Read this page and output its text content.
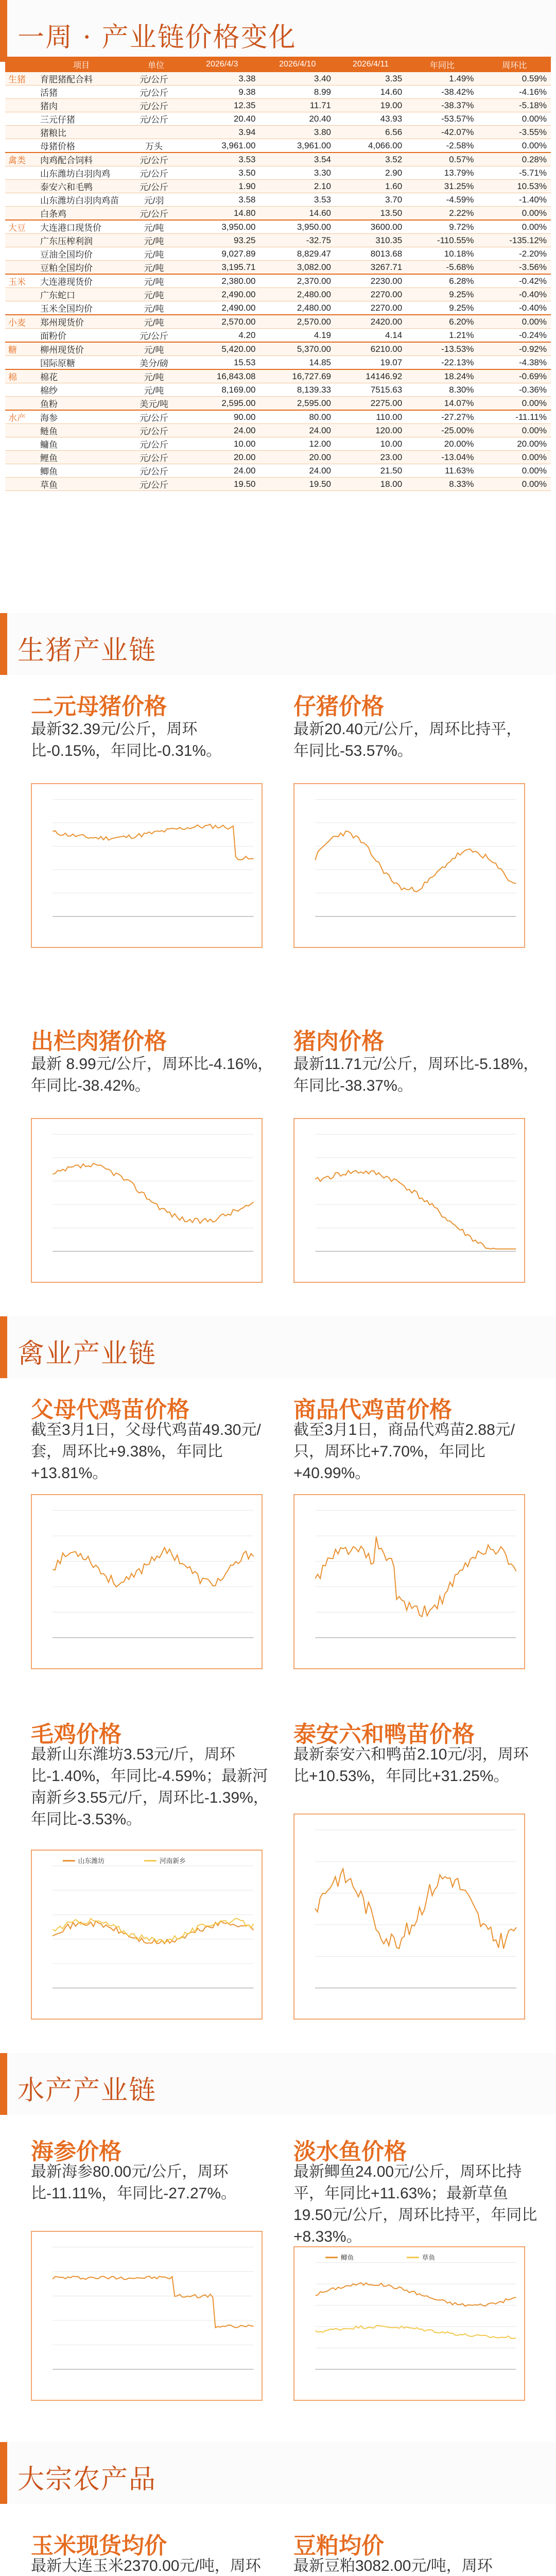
一周 · 产业链价格变化
	项目	单位	2026/4/3	2026/4/10	2026/4/11	年同比	周环比
生猪	育肥猪配合料	元/公斤	3.38	3.40	3.35	1.49%	0.59%
	活猪	元/公斤	9.38	8.99	14.60	-38.42%	-4.16%
	猪肉	元/公斤	12.35	11.71	19.00	-38.37%	-5.18%
	三元仔猪	元/公斤	20.40	20.40	43.93	-53.57%	0.00%
	猪粮比		3.94	3.80	6.56	-42.07%	-3.55%
	母猪价格	万头	3,961.00	3,961.00	4,066.00	-2.58%	0.00%
禽类	肉鸡配合饲料	元/公斤	3.53	3.54	3.52	0.57%	0.28%
	山东潍坊白羽肉鸡	元/公斤	3.50	3.30	2.90	13.79%	-5.71%
	泰安六和毛鸭	元/公斤	1.90	2.10	1.60	31.25%	10.53%
	山东潍坊白羽肉鸡苗	元/羽	3.58	3.53	3.70	-4.59%	-1.40%
	白条鸡	元/公斤	14.80	14.60	13.50	2.22%	0.00%
大豆	大连港口现货价	元/吨	3,950.00	3,950.00	3600.00	9.72%	0.00%
	广东压榨利润	元/吨	93.25	-32.75	310.35	-110.55%	-135.12%
	豆油全国均价	元/吨	9,027.89	8,829.47	8013.68	10.18%	-2.20%
	豆粕全国均价	元/吨	3,195.71	3,082.00	3267.71	-5.68%	-3.56%
玉米	大连港现货价	元/吨	2,380.00	2,370.00	2230.00	6.28%	-0.42%
	广东蛇口	元/吨	2,490.00	2,480.00	2270.00	9.25%	-0.40%
	玉米全国均价	元/吨	2,490.00	2,480.00	2270.00	9.25%	-0.40%
小麦	郑州现货价	元/吨	2,570.00	2,570.00	2420.00	6.20%	0.00%
	面粉价	元/公斤	4.20	4.19	4.14	1.21%	-0.24%
糖	柳州现货价	元/吨	5,420.00	5,370.00	6210.00	-13.53%	-0.92%
	国际原糖	美分/磅	15.53	14.85	19.07	-22.13%	-4.38%
棉	棉花	元/吨	16,843.08	16,727.69	14146.92	18.24%	-0.69%
	棉纱	元/吨	8,169.00	8,139.33	7515.63	8.30%	-0.36%
	鱼粉	美元/吨	2,595.00	2,595.00	2275.00	14.07%	0.00%
水产	海参	元/公斤	90.00	80.00	110.00	-27.27%	-11.11%
	鲢鱼	元/公斤	24.00	24.00	120.00	-25.00%	0.00%
	鳙鱼	元/公斤	10.00	12.00	10.00	20.00%	20.00%
	鲤鱼	元/公斤	20.00	20.00	23.00	-13.04%	0.00%
	鲫鱼	元/公斤	24.00	24.00	21.50	11.63%	0.00%
	草鱼	元/公斤	19.50	19.50	18.00	8.33%	0.00%
生猪产业链
二元母猪价格
最新32.39元/公斤，周环比-0.15%，年同比-0.31%。
仔猪价格
最新20.40元/公斤，周环比持平，年同比-53.57%。
出栏肉猪价格
最新 8.99元/公斤，周环比-4.16%，年同比-38.42%。
猪肉价格
最新11.71元/公斤，周环比-5.18%，年同比-38.37%。
禽业产业链
父母代鸡苗价格
截至3月1日，父母代鸡苗49.30元/套，周环比+9.38%，年同比+13.81%。
商品代鸡苗价格
截至3月1日，商品代鸡苗2.88元/只，周环比+7.70%，年同比+40.99%。
毛鸡价格
最新山东潍坊3.53元/斤，周环比-1.40%，年同比-4.59%；最新河南新乡3.55元/斤，周环比-1.39%，年同比-3.53%。
山东潍坊	河南新乡
泰安六和鸭苗价格
最新泰安六和鸭苗2.10元/羽，周环比+10.53%，年同比+31.25%。
水产产业链
海参价格
最新海参80.00元/公斤，周环比-11.11%，年同比-27.27%。
淡水鱼价格
最新鲫鱼24.00元/公斤，周环比持平，年同比+11.63%；最新草鱼19.50元/公斤，周环比持平，年同比+8.33%。
鲫鱼	草鱼
大宗农产品
玉米现货均价
最新大连玉米2370.00元/吨，周环
豆粕均价
最新豆粕3082.00元/吨，周环
